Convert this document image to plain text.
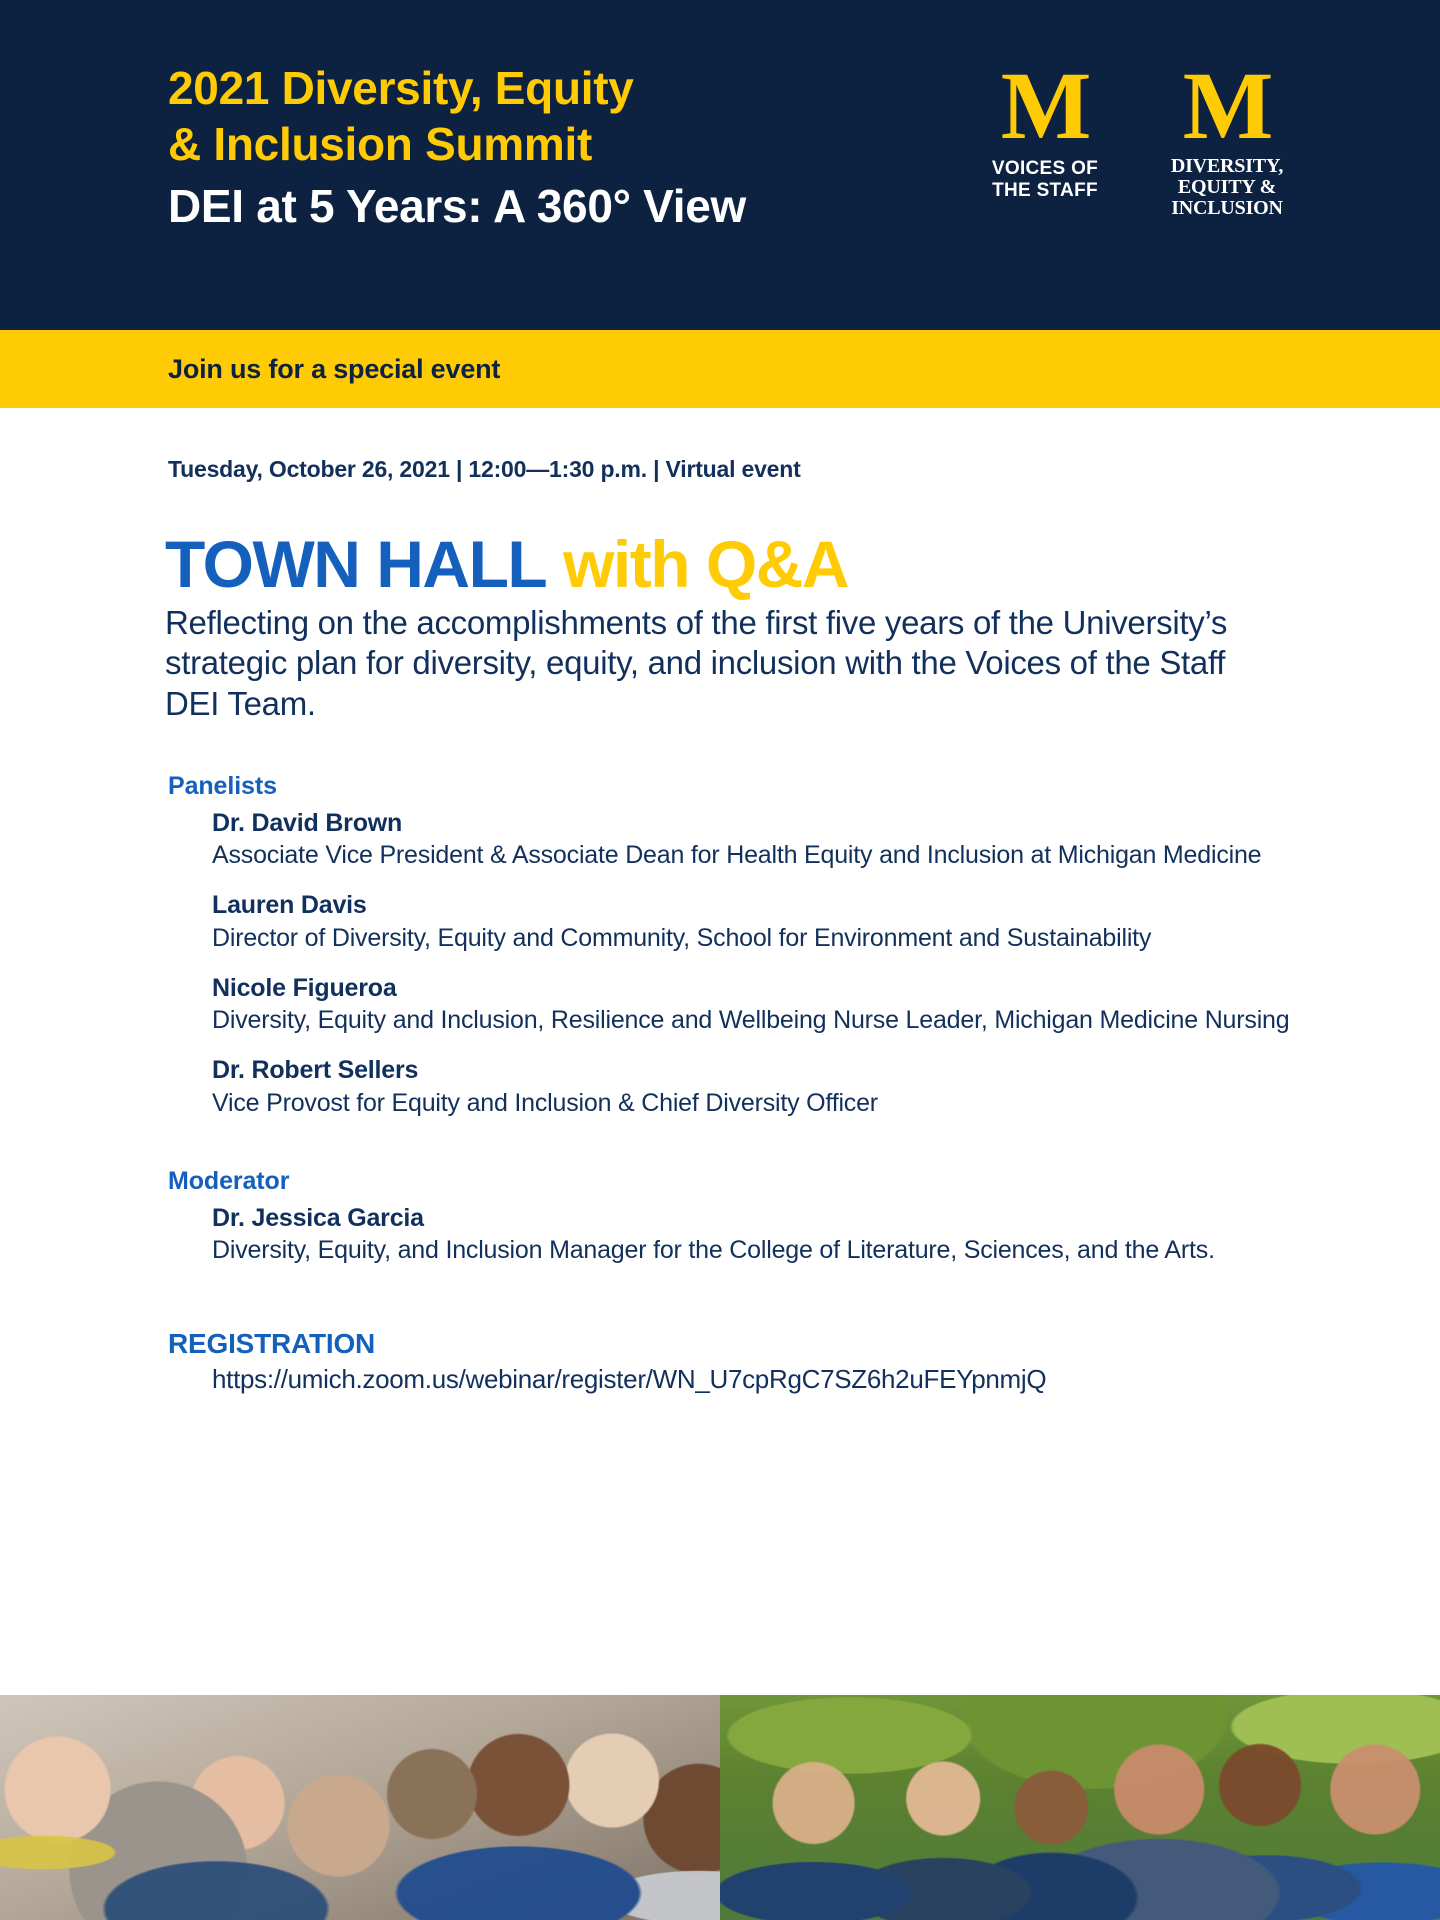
2021 Diversity, Equity
& Inclusion Summit
DEI at 5 Years: A 360° View
M
VOICES OF
THE STAFF
M
DIVERSITY,
EQUITY &
INCLUSION
Join us for a special event
Tuesday, October 26, 2021 | 12:00—1:30 p.m. | Virtual event
TOWN HALL with Q&A
Reflecting on the accomplishments of the first five years of the University’s strategic plan for diversity, equity, and inclusion with the Voices of the Staff DEI Team.
Panelists
Dr. David Brown
Associate Vice President & Associate Dean for Health Equity and Inclusion at Michigan Medicine
Lauren Davis
Director of Diversity, Equity and Community, School for Environment and Sustainability
Nicole Figueroa
Diversity, Equity and Inclusion, Resilience and Wellbeing Nurse Leader, Michigan Medicine Nursing
Dr. Robert Sellers
Vice Provost for Equity and Inclusion & Chief Diversity Officer
Moderator
Dr. Jessica Garcia
Diversity, Equity, and Inclusion Manager for the College of Literature, Sciences, and the Arts.
REGISTRATION
https://umich.zoom.us/webinar/register/WN_U7cpRgC7SZ6h2uFEYpnmjQ
